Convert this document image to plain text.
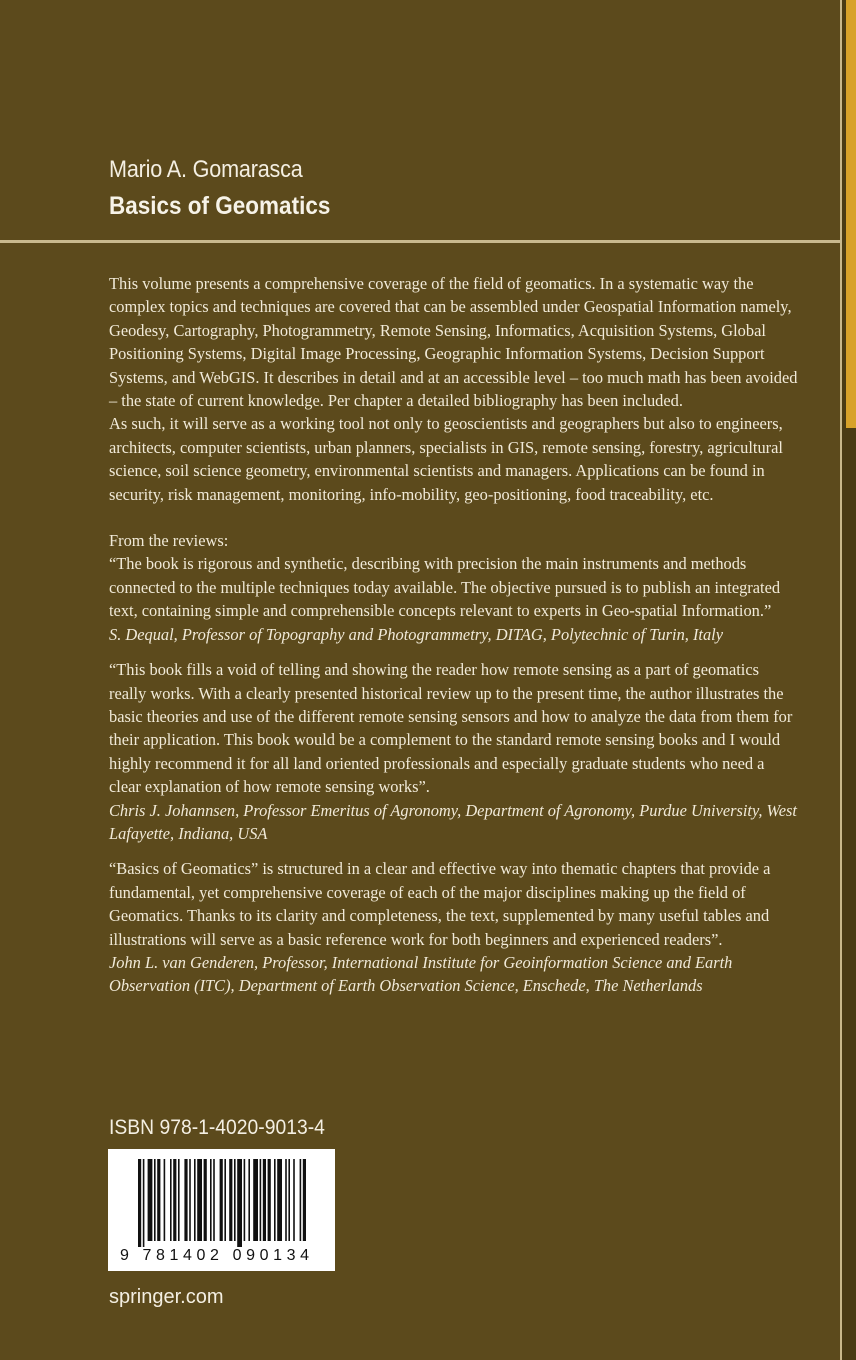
Mario A. Gomarasca
Basics of Geomatics

This volume presents a comprehensive coverage of the field of geomatics. In a systematic way the complex topics and techniques are covered that can be assembled under Geospatial Information namely, Geodesy, Cartography, Photogrammetry, Remote Sensing, Informatics, Acquisition Systems, Global Positioning Systems, Digital Image Processing, Geographic Information Systems, Decision Support Systems, and WebGIS. It describes in detail and at an accessible level – too much math has been avoided – the state of current knowledge. Per chapter a detailed bibliography has been included.

As such, it will serve as a working tool not only to geoscientists and geographers but also to engineers, architects, computer scientists, urban planners, specialists in GIS, remote sensing, forestry, agricultural science, soil science geometry, environmental scientists and managers. Applications can be found in security, risk management, monitoring, info-mobility, geo-positioning, food traceability, etc.

From the reviews:

“The book is rigorous and synthetic, describing with precision the main instruments and methods connected to the multiple techniques today available. The objective pursued is to publish an integrated text, containing simple and comprehensible concepts relevant to experts in Geo-spatial Information.”

S. Dequal, Professor of Topography and Photogrammetry, DITAG, Polytechnic of Turin, Italy

“This book fills a void of telling and showing the reader how remote sensing as a part of geomatics really works. With a clearly presented historical review up to the present time, the author illustrates the basic theories and use of the different remote sensing sensors and how to analyze the data from them for their application. This book would be a complement to the standard remote sensing books and I would highly recommend it for all land oriented professionals and especially graduate students who need a clear explanation of how remote sensing works”.

Chris J. Johannsen, Professor Emeritus of Agronomy, Department of Agronomy, Purdue University, West Lafayette, Indiana, USA

“Basics of Geomatics” is structured in a clear and effective way into thematic chapters that provide a fundamental, yet comprehensive coverage of each of the major disciplines making up the field of Geomatics. Thanks to its clarity and completeness, the text, supplemented by many useful tables and illustrations will serve as a basic reference work for both beginners and experienced readers”.

John L. van Genderen, Professor, International Institute for Geoinformation Science and Earth Observation (ITC), Department of Earth Observation Science, Enschede, The Netherlands

ISBN 978-1-4020-9013-4
9 781402 090134
springer.com
